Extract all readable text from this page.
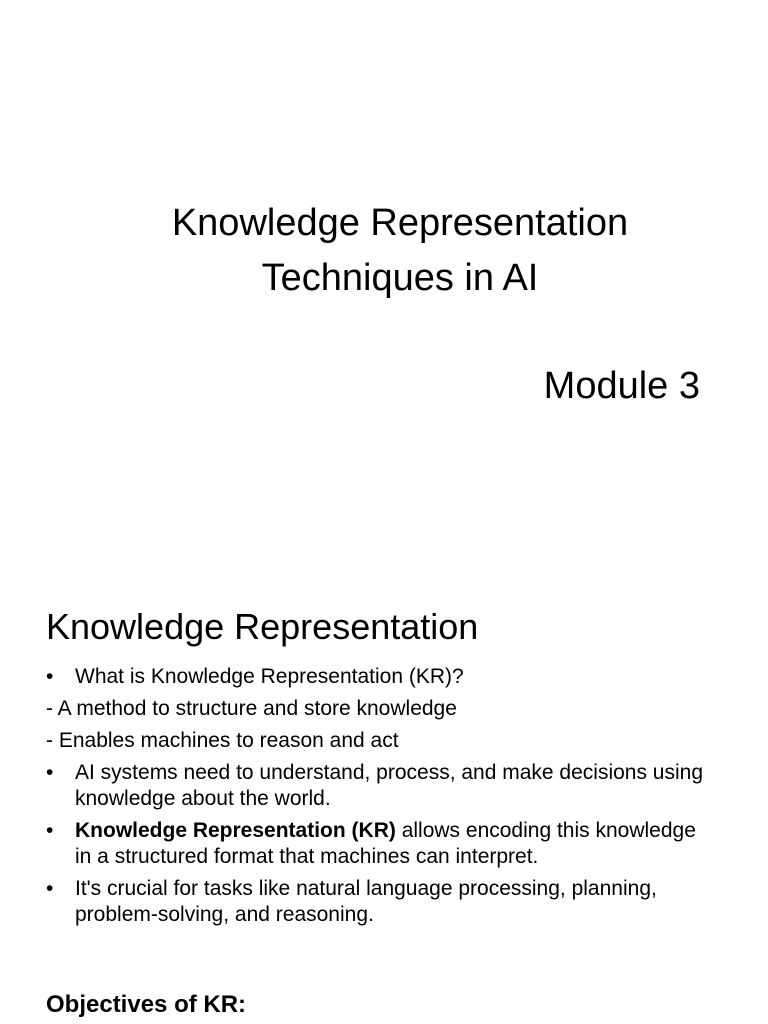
Knowledge Representation
Techniques in AI
Module 3
Knowledge Representation
• What is Knowledge Representation (KR)?
- A method to structure and store knowledge
- Enables machines to reason and act
• AI systems need to understand, process, and make decisions using knowledge about the world.
• Knowledge Representation (KR) allows encoding this knowledge in a structured format that machines can interpret.
• It's crucial for tasks like natural language processing, planning, problem-solving, and reasoning.
Objectives of KR:
